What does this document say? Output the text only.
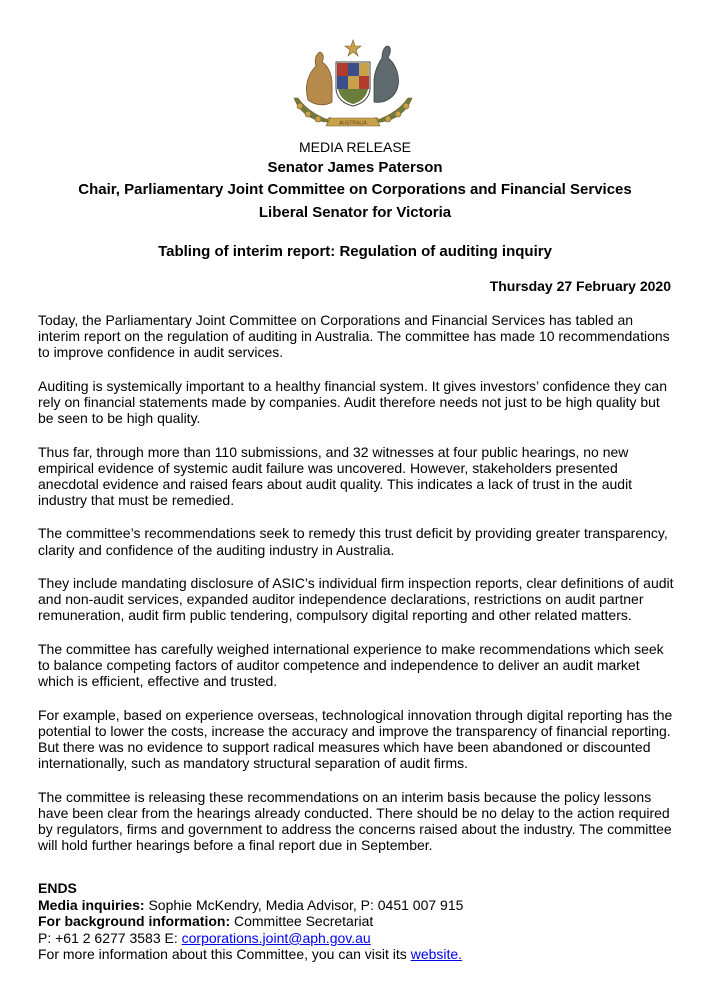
AUSTRALIA
MEDIA RELEASE
Senator James Paterson
Chair, Parliamentary Joint Committee on Corporations and Financial Services
Liberal Senator for Victoria
Tabling of interim report: Regulation of auditing inquiry
Thursday 27 February 2020

Today, the Parliamentary Joint Committee on Corporations and Financial Services has tabled an interim report on the regulation of auditing in Australia. The committee has made 10 recommendations to improve confidence in audit services.

Auditing is systemically important to a healthy financial system. It gives investors’ confidence they can rely on financial statements made by companies. Audit therefore needs not just to be high quality but be seen to be high quality.

Thus far, through more than 110 submissions, and 32 witnesses at four public hearings, no new empirical evidence of systemic audit failure was uncovered. However, stakeholders presented anecdotal evidence and raised fears about audit quality. This indicates a lack of trust in the audit industry that must be remedied.

The committee’s recommendations seek to remedy this trust deficit by providing greater transparency, clarity and confidence of the auditing industry in Australia.

They include mandating disclosure of ASIC’s individual firm inspection reports, clear definitions of audit and non-audit services, expanded auditor independence declarations, restrictions on audit partner remuneration, audit firm public tendering, compulsory digital reporting and other related matters.

The committee has carefully weighed international experience to make recommendations which seek to balance competing factors of auditor competence and independence to deliver an audit market which is efficient, effective and trusted.

For example, based on experience overseas, technological innovation through digital reporting has the potential to lower the costs, increase the accuracy and improve the transparency of financial reporting. But there was no evidence to support radical measures which have been abandoned or discounted internationally, such as mandatory structural separation of audit firms.

The committee is releasing these recommendations on an interim basis because the policy lessons have been clear from the hearings already conducted. There should be no delay to the action required by regulators, firms and government to address the concerns raised about the industry. The committee will hold further hearings before a final report due in September.

ENDS
Media inquiries: Sophie McKendry, Media Advisor, P: 0451 007 915
For background information: Committee Secretariat
P: +61 2 6277 3583 E: corporations.joint@aph.gov.au
For more information about this Committee, you can visit its website.
